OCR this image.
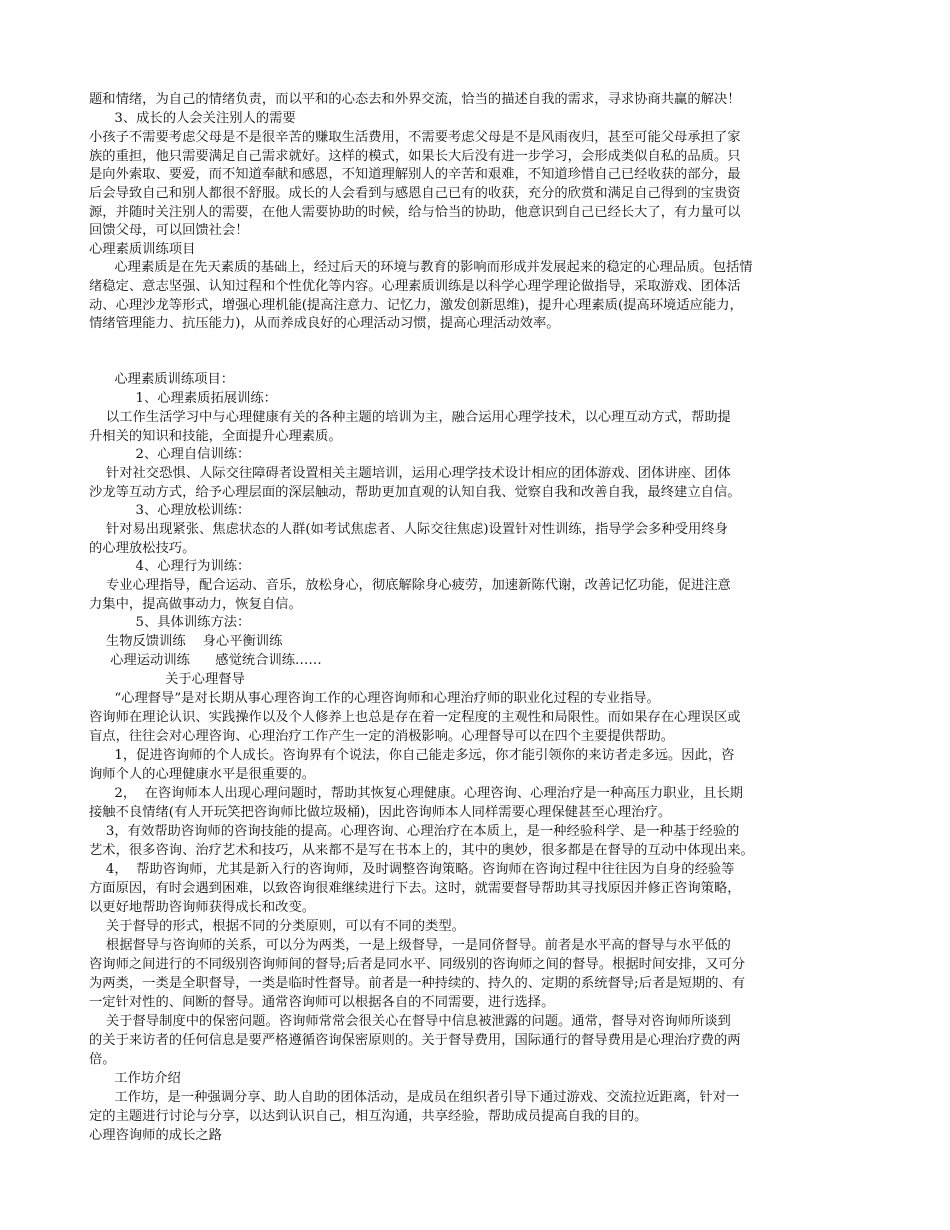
题和情绪，为自己的情绪负责，而以平和的心态去和外界交流，恰当的描述自我的需求，寻求协商共赢的解决！

3、成长的人会关注别人的需要

小孩子不需要考虑父母是不是很辛苦的赚取生活费用，不需要考虑父母是不是风雨夜归，甚至可能父母承担了家

族的重担，他只需要满足自己需求就好。这样的模式，如果长大后没有进一步学习，会形成类似自私的品质。只

是向外索取、要爱，而不知道奉献和感恩，不知道理解别人的辛苦和艰难，不知道珍惜自己已经收获的部分，最

后会导致自己和别人都很不舒服。成长的人会看到与感恩自己已有的收获，充分的欣赏和满足自己得到的宝贵资

源，并随时关注别人的需要，在他人需要协助的时候，给与恰当的协助，他意识到自己已经长大了，有力量可以

回馈父母，可以回馈社会！

心理素质训练项目

心理素质是在先天素质的基础上，经过后天的环境与教育的影响而形成并发展起来的稳定的心理品质。包括情

绪稳定、意志坚强、认知过程和个性优化等内容。心理素质训练是以科学心理学理论做指导，采取游戏、团体活

动、心理沙龙等形式，增强心理机能(提高注意力、记忆力，激发创新思维)，提升心理素质(提高环境适应能力，

情绪管理能力、抗压能力)，从而养成良好的心理活动习惯，提高心理活动效率。

心理素质训练项目：

1、心理素质拓展训练：

以工作生活学习中与心理健康有关的各种主题的培训为主，融合运用心理学技术，以心理互动方式，帮助提

升相关的知识和技能，全面提升心理素质。

2、心理自信训练：

针对社交恐惧、人际交往障碍者设置相关主题培训，运用心理学技术设计相应的团体游戏、团体讲座、团体

沙龙等互动方式，给予心理层面的深层触动，帮助更加直观的认知自我、觉察自我和改善自我，最终建立自信。

3、心理放松训练：

针对易出现紧张、焦虑状态的人群(如考试焦虑者、人际交往焦虑)设置针对性训练，指导学会多种受用终身

的心理放松技巧。

4、心理行为训练：

专业心理指导，配合运动、音乐，放松身心，彻底解除身心疲劳，加速新陈代谢，改善记忆功能，促进注意

力集中，提高做事动力，恢复自信。

5、具体训练方法：

生物反馈训练    身心平衡训练

心理运动训练      感觉统合训练……

关于心理督导

“心理督导”是对长期从事心理咨询工作的心理咨询师和心理治疗师的职业化过程的专业指导。

咨询师在理论认识、实践操作以及个人修养上也总是存在着一定程度的主观性和局限性。而如果存在心理误区或

盲点，往往会对心理咨询、心理治疗工作产生一定的消极影响。心理督导可以在四个主要提供帮助。

1，促进咨询师的个人成长。咨询界有个说法，你自己能走多远，你才能引领你的来访者走多远。因此，咨

询师个人的心理健康水平是很重要的。

2，  在咨询师本人出现心理问题时，帮助其恢复心理健康。心理咨询、心理治疗是一种高压力职业，且长期

接触不良情绪(有人开玩笑把咨询师比做垃圾桶)，因此咨询师本人同样需要心理保健甚至心理治疗。

3，有效帮助咨询师的咨询技能的提高。心理咨询、心理治疗在本质上，是一种经验科学、是一种基于经验的

艺术，很多咨询、治疗艺术和技巧，从来都不是写在书本上的，其中的奥妙，很多都是在督导的互动中体现出来。

4，  帮助咨询师，尤其是新入行的咨询师，及时调整咨询策略。咨询师在咨询过程中往往因为自身的经验等

方面原因，有时会遇到困难，以致咨询很难继续进行下去。这时，就需要督导帮助其寻找原因并修正咨询策略，

以更好地帮助咨询师获得成长和改变。

关于督导的形式，根据不同的分类原则，可以有不同的类型。

根据督导与咨询师的关系，可以分为两类，一是上级督导，一是同侪督导。前者是水平高的督导与水平低的

咨询师之间进行的不同级别咨询师间的督导;后者是同水平、同级别的咨询师之间的督导。根据时间安排，又可分

为两类，一类是全职督导，一类是临时性督导。前者是一种持续的、持久的、定期的系统督导;后者是短期的、有

一定针对性的、间断的督导。通常咨询师可以根据各自的不同需要，进行选择。

关于督导制度中的保密问题。咨询师常常会很关心在督导中信息被泄露的问题。通常，督导对咨询师所谈到

的关于来访者的任何信息是要严格遵循咨询保密原则的。关于督导费用，国际通行的督导费用是心理治疗费的两

倍。

工作坊介绍

工作坊，是一种强调分享、助人自助的团体活动，是成员在组织者引导下通过游戏、交流拉近距离，针对一

定的主题进行讨论与分享，以达到认识自己，相互沟通，共享经验，帮助成员提高自我的目的。

心理咨询师的成长之路
